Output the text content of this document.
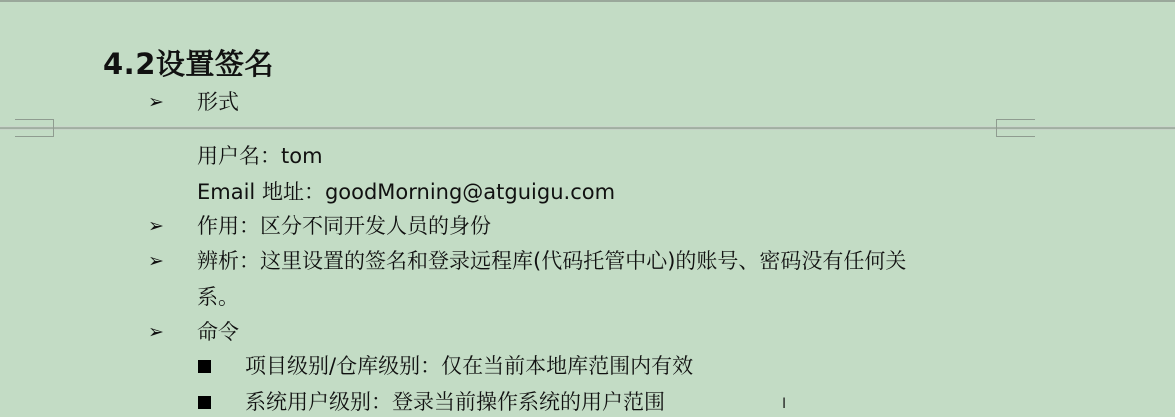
4.2设置签名
➢ 形式
用户名：tom
Email 地址：goodMorning@atguigu.com
➢ 作用：区分不同开发人员的身份
➢ 辨析：这里设置的签名和登录远程库(代码托管中心)的账号、密码没有任何关
系。
➢ 命令
项目级别/仓库级别：仅在当前本地库范围内有效
系统用户级别：登录当前操作系统的用户范围	I
